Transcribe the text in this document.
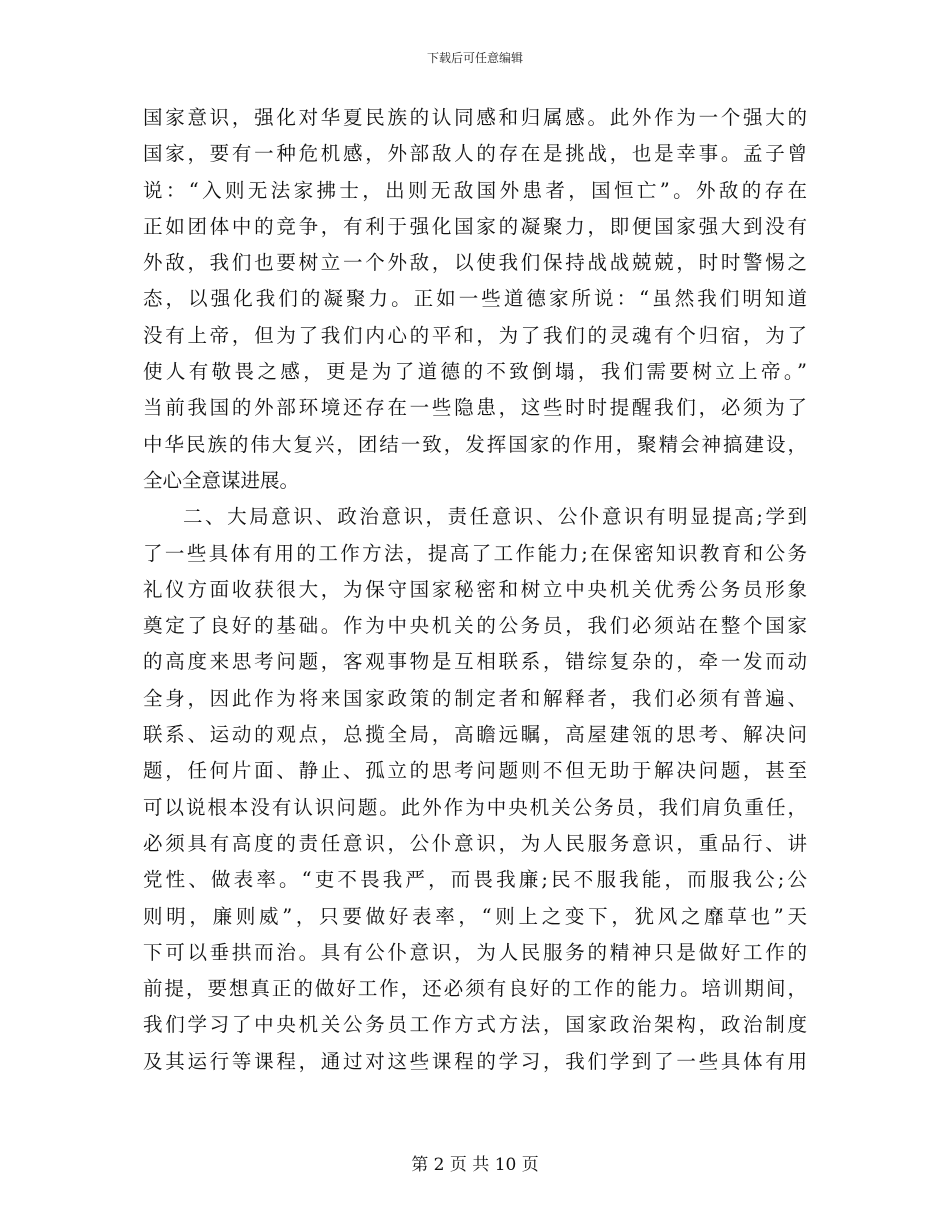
下载后可任意编辑
国家意识，强化对华夏民族的认同感和归属感。此外作为一个强大的
国家，要有一种危机感，外部敌人的存在是挑战，也是幸事。孟子曾
说：“入则无法家拂士，出则无敌国外患者，国恒亡”。外敌的存在
正如团体中的竞争，有利于强化国家的凝聚力，即便国家强大到没有
外敌，我们也要树立一个外敌，以使我们保持战战兢兢，时时警惕之
态，以强化我们的凝聚力。正如一些道德家所说：“虽然我们明知道
没有上帝，但为了我们内心的平和，为了我们的灵魂有个归宿，为了
使人有敬畏之感，更是为了道德的不致倒塌，我们需要树立上帝。”
当前我国的外部环境还存在一些隐患，这些时时提醒我们，必须为了
中华民族的伟大复兴，团结一致，发挥国家的作用，聚精会神搞建设，
全心全意谋进展。
二、大局意识、政治意识，责任意识、公仆意识有明显提高;学到
了一些具体有用的工作方法，提高了工作能力;在保密知识教育和公务
礼仪方面收获很大，为保守国家秘密和树立中央机关优秀公务员形象
奠定了良好的基础。作为中央机关的公务员，我们必须站在整个国家
的高度来思考问题，客观事物是互相联系，错综复杂的，牵一发而动
全身，因此作为将来国家政策的制定者和解释者，我们必须有普遍、
联系、运动的观点，总揽全局，高瞻远瞩，高屋建瓴的思考、解决问
题，任何片面、静止、孤立的思考问题则不但无助于解决问题，甚至
可以说根本没有认识问题。此外作为中央机关公务员，我们肩负重任，
必须具有高度的责任意识，公仆意识，为人民服务意识，重品行、讲
党性、做表率。“吏不畏我严，而畏我廉;民不服我能，而服我公;公
则明，廉则威”，只要做好表率，“则上之变下，犹风之靡草也”天
下可以垂拱而治。具有公仆意识，为人民服务的精神只是做好工作的
前提，要想真正的做好工作，还必须有良好的工作的能力。培训期间，
我们学习了中央机关公务员工作方式方法，国家政治架构，政治制度
及其运行等课程，通过对这些课程的学习，我们学到了一些具体有用
第 2 页 共 10 页
